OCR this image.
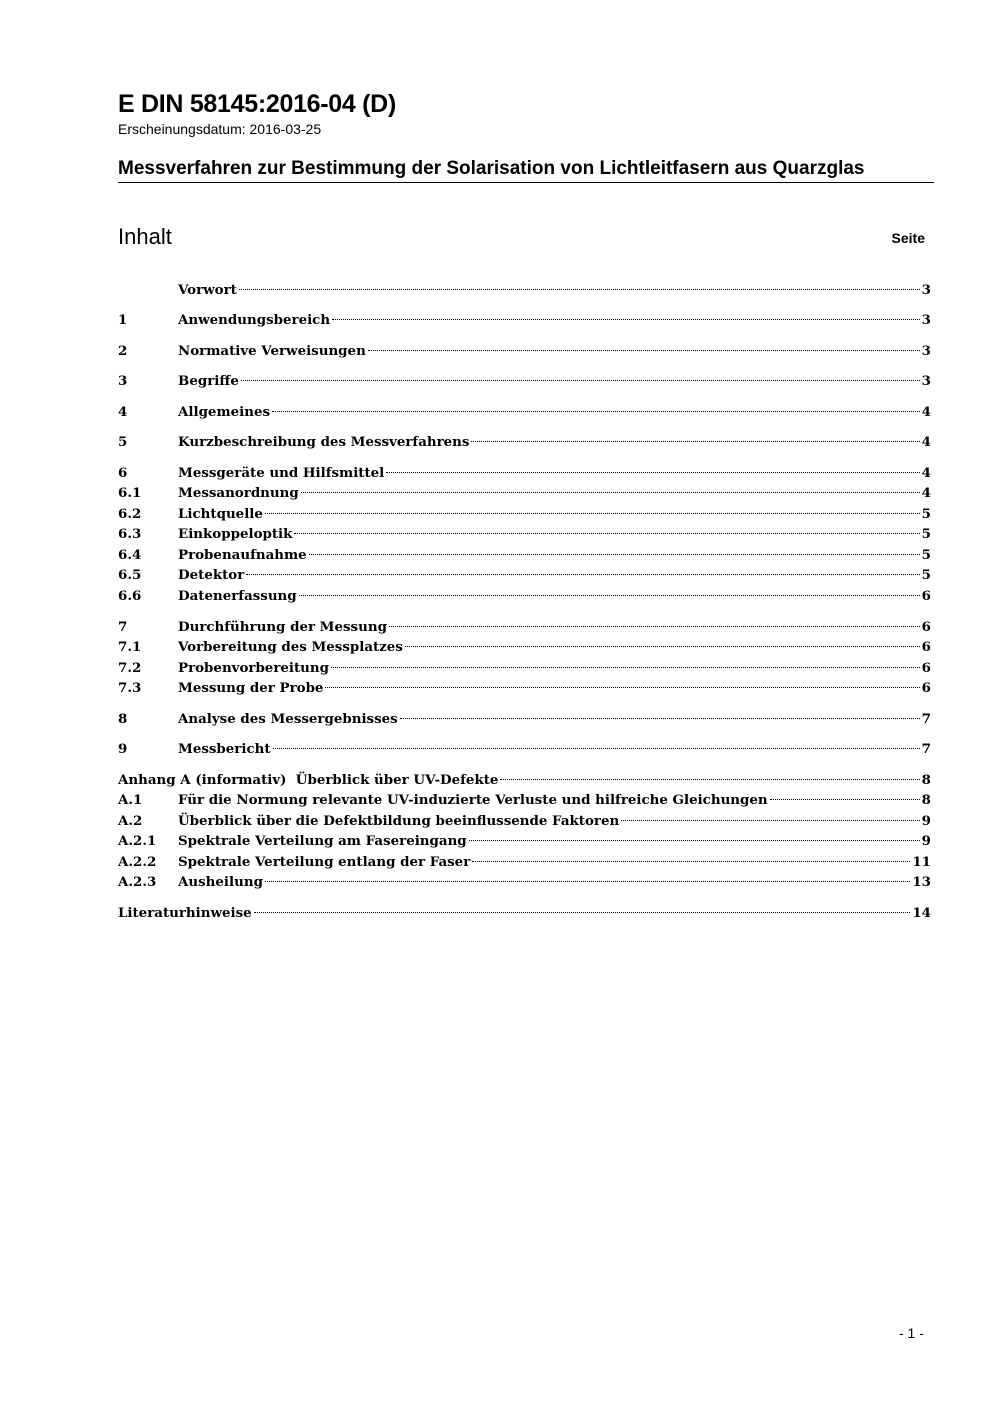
E DIN 58145:2016-04 (D)
Erscheinungsdatum: 2016-03-25
Messverfahren zur Bestimmung der Solarisation von Lichtleitfasern aus Quarzglas
Inhalt	Seite
Vorwort	3
1	Anwendungsbereich	3
2	Normative Verweisungen	3
3	Begriffe	3
4	Allgemeines	4
5	Kurzbeschreibung des Messverfahrens	4
6	Messgeräte und Hilfsmittel	4
6.1	Messanordnung	4
6.2	Lichtquelle	5
6.3	Einkoppeloptik	5
6.4	Probenaufnahme	5
6.5	Detektor	5
6.6	Datenerfassung	6
7	Durchführung der Messung	6
7.1	Vorbereitung des Messplatzes	6
7.2	Probenvorbereitung	6
7.3	Messung der Probe	6
8	Analyse des Messergebnisses	7
9	Messbericht	7
Anhang A (informativ)  Überblick über UV-Defekte	8
A.1	Für die Normung relevante UV-induzierte Verluste und hilfreiche Gleichungen	8
A.2	Überblick über die Defektbildung beeinflussende Faktoren	9
A.2.1 Spektrale Verteilung am Fasereingang	9
A.2.2 Spektrale Verteilung entlang der Faser	11
A.2.3 Ausheilung	13
Literaturhinweise	14
- 1 -
